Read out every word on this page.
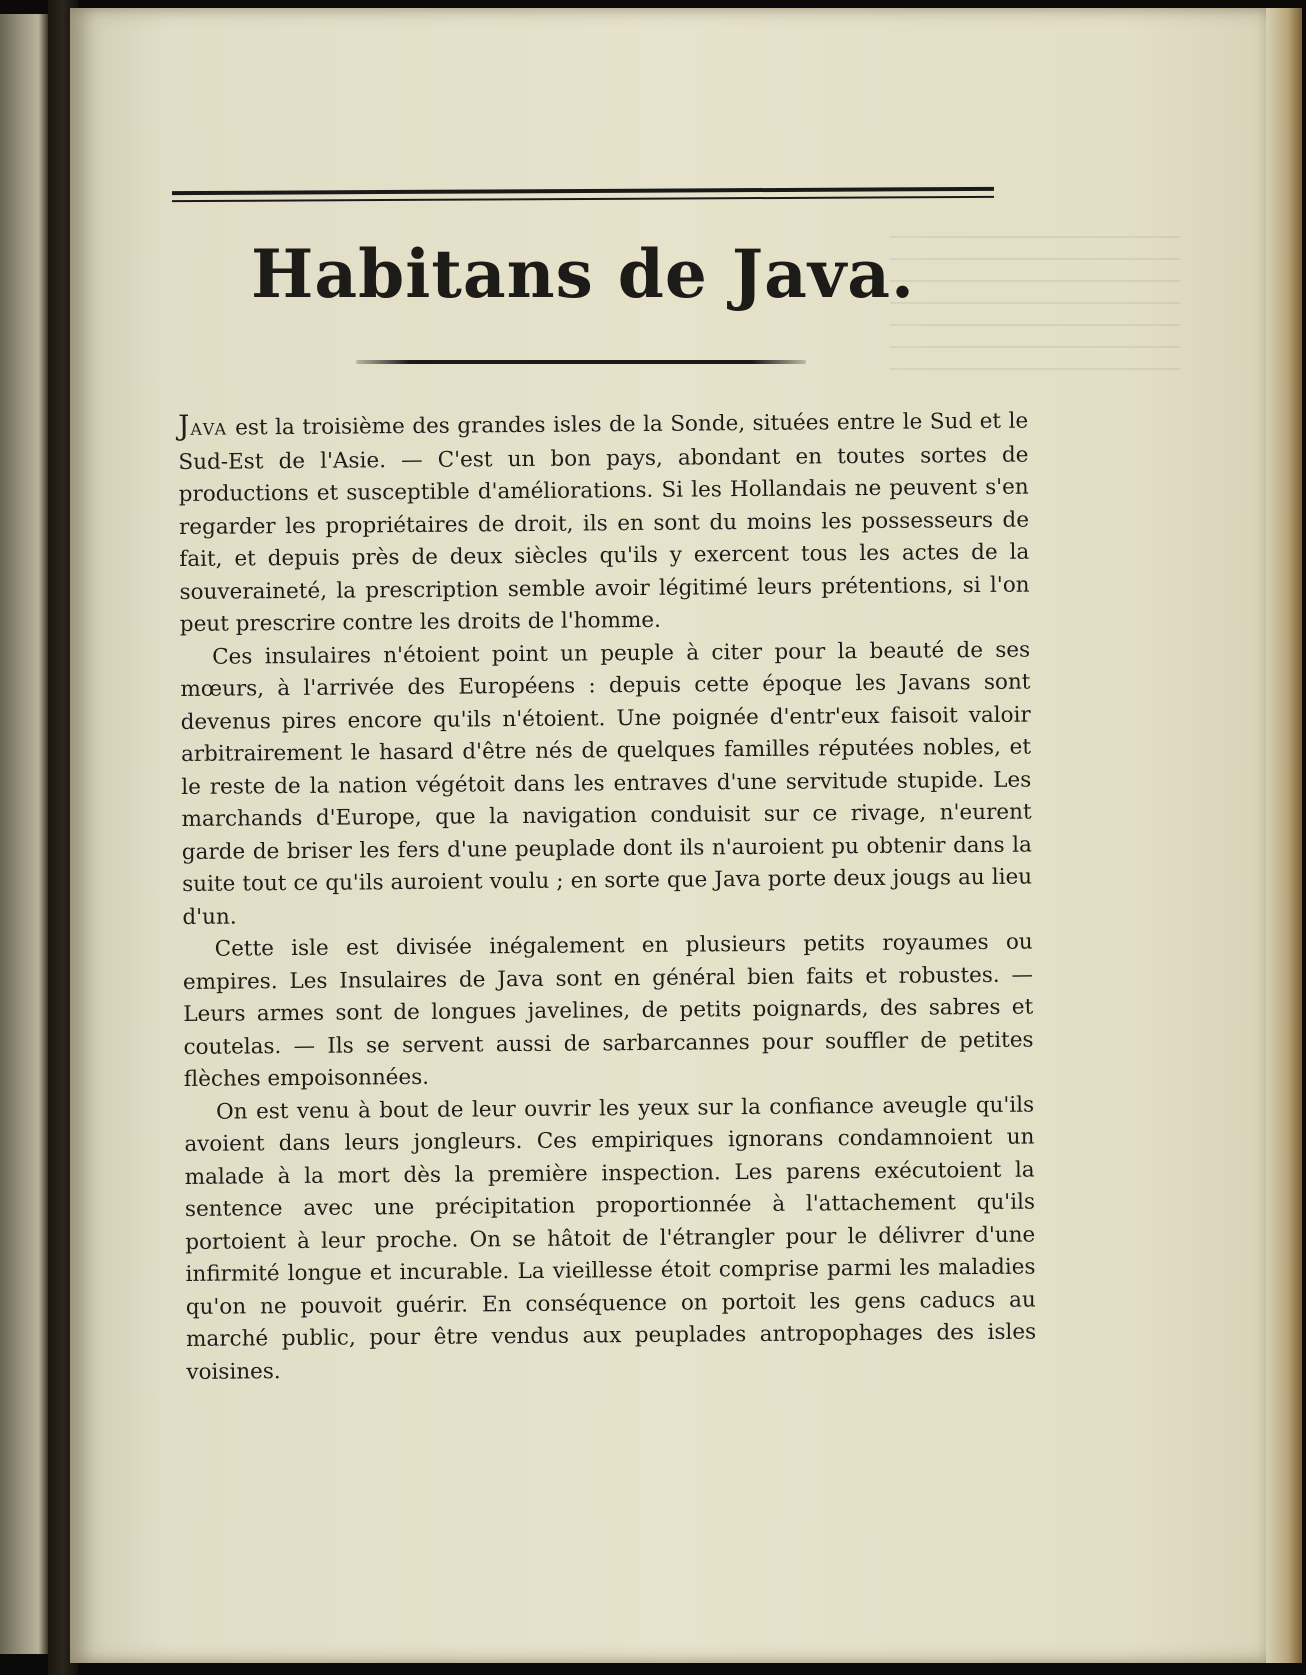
Habitans de Java.

JAVA est la troisième des grandes isles de la Sonde, situées entre le Sud et le Sud-Est de l'Asie. — C'est un bon pays, abondant en toutes sortes de productions et susceptible d'améliorations. Si les Hollandais ne peuvent s'en regarder les propriétaires de droit, ils en sont du moins les possesseurs de fait, et depuis près de deux siècles qu'ils y exercent tous les actes de la souveraineté, la prescription semble avoir légitimé leurs prétentions, si l'on peut prescrire contre les droits de l'homme.

Ces insulaires n'étoient point un peuple à citer pour la beauté de ses mœurs, à l'arrivée des Européens : depuis cette époque les Javans sont devenus pires encore qu'ils n'étoient. Une poignée d'entr'eux faisoit valoir arbitrairement le hasard d'être nés de quelques familles réputées nobles, et le reste de la nation végétoit dans les entraves d'une servitude stupide. Les marchands d'Europe, que la navigation conduisit sur ce rivage, n'eurent garde de briser les fers d'une peuplade dont ils n'auroient pu obtenir dans la suite tout ce qu'ils auroient voulu ; en sorte que Java porte deux jougs au lieu d'un.

Cette isle est divisée inégalement en plusieurs petits royaumes ou empires. Les Insulaires de Java sont en général bien faits et robustes. — Leurs armes sont de longues javelines, de petits poignards, des sabres et coutelas. — Ils se servent aussi de sarbarcannes pour souffler de petites flèches empoisonnées.

On est venu à bout de leur ouvrir les yeux sur la confiance aveugle qu'ils avoient dans leurs jongleurs. Ces empiriques ignorans condamnoient un malade à la mort dès la première inspection. Les parens exécutoient la sentence avec une précipitation proportionnée à l'attachement qu'ils portoient à leur proche. On se hâtoit de l'étrangler pour le délivrer d'une infirmité longue et incurable. La vieillesse étoit comprise parmi les maladies qu'on ne pouvoit guérir. En conséquence on portoit les gens caducs au marché public, pour être vendus aux peuplades antropophages des isles voisines.
